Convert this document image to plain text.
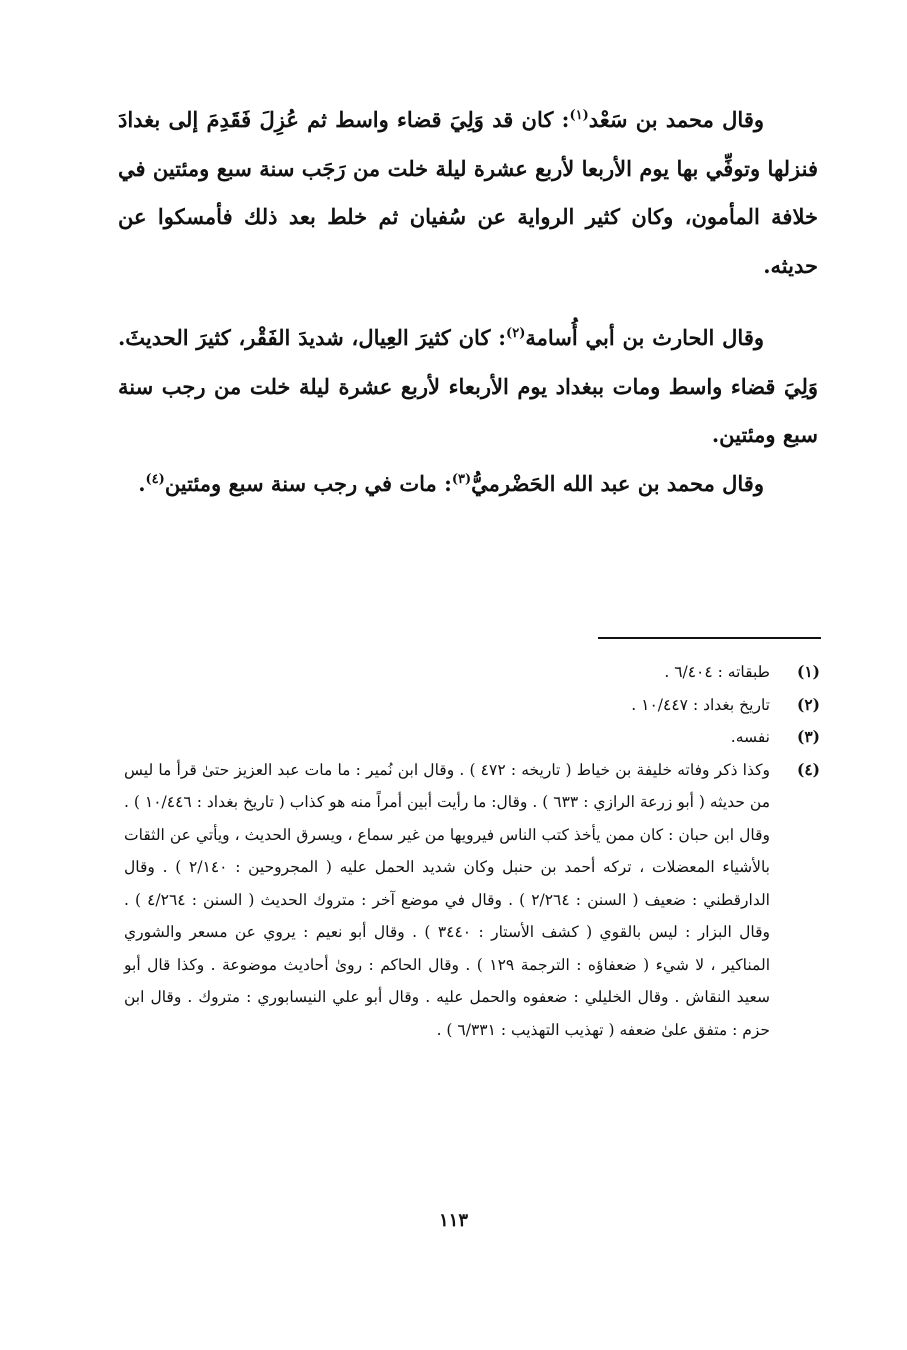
وقال محمد بن سَعْد$^{(١)}$: كان قد وَلِيَ قضاء واسط ثم عُزِلَ فَقَدِمَ إلى بغدادَ فنزلها وتوفِّي بها يوم الأربعا لأربع عشرة ليلة خلت من رَجَب سنة سبع ومئتين في خلافة المأمون، وكان كثير الرواية عن سُفيان ثم خلط بعد ذلك فأمسكوا عن حديثه.

وقال الحارث بن أبي أُسامة$^{(٢)}$: كان كثيرَ العِيال، شديدَ الفَقْر، كثيرَ الحديثَ. وَلِيَ قضاء واسط ومات ببغداد يوم الأربعاء لأربع عشرة ليلة خلت من رجب سنة سبع ومئتين.

وقال محمد بن عبد الله الحَضْرميُّ$^{(٣)}$: مات في رجب سنة سبع ومئتين$^{(٤)}$.

(١)
طبقاته : ٦/٤٠٤ .
(٢)
تاريخ بغداد : ١٠/٤٤٧ .
(٣)
نفسه.
(٤)
وكذا ذكر وفاته خليفة بن خياط ( تاريخه : ٤٧٢ ) . وقال ابن نُمير : ما مات عبد العزيز حتىٰ قرأ ما ليس من حديثه ( أبو زرعة الرازي : ٦٣٣ ) . وقال: ما رأيت أبين أمراً منه هو كذاب ( تاريخ بغداد : ١٠/٤٤٦ ) . وقال ابن حبان : كان ممن يأخذ كتب الناس فيرويها من غير سماع ، ويسرق الحديث ، ويأتي عن الثقات بالأشياء المعضلات ، تركه أحمد بن حنبل وكان شديد الحمل عليه ( المجروحين : ٢/١٤٠ ) . وقال الدارقطني : ضعيف ( السنن : ٢/٢٦٤ ) . وقال في موضع آخر : متروك الحديث ( السنن : ٤/٢٦٤ ) . وقال البزار : ليس بالقوي ( كشف الأستار : ٣٤٤٠ ) . وقال أبو نعيم : يروي عن مسعر والشوري المناكير ، لا شيء ( ضعفاؤه : الترجمة ١٢٩ ) . وقال الحاكم : روىٰ أحاديث موضوعة . وكذا قال أبو سعيد النقاش . وقال الخليلي : ضعفوه والحمل عليه . وقال أبو علي النيسابوري : متروك . وقال ابن حزم : متفق علىٰ ضعفه ( تهذيب التهذيب : ٦/٣٣١ ) .
١١٣
